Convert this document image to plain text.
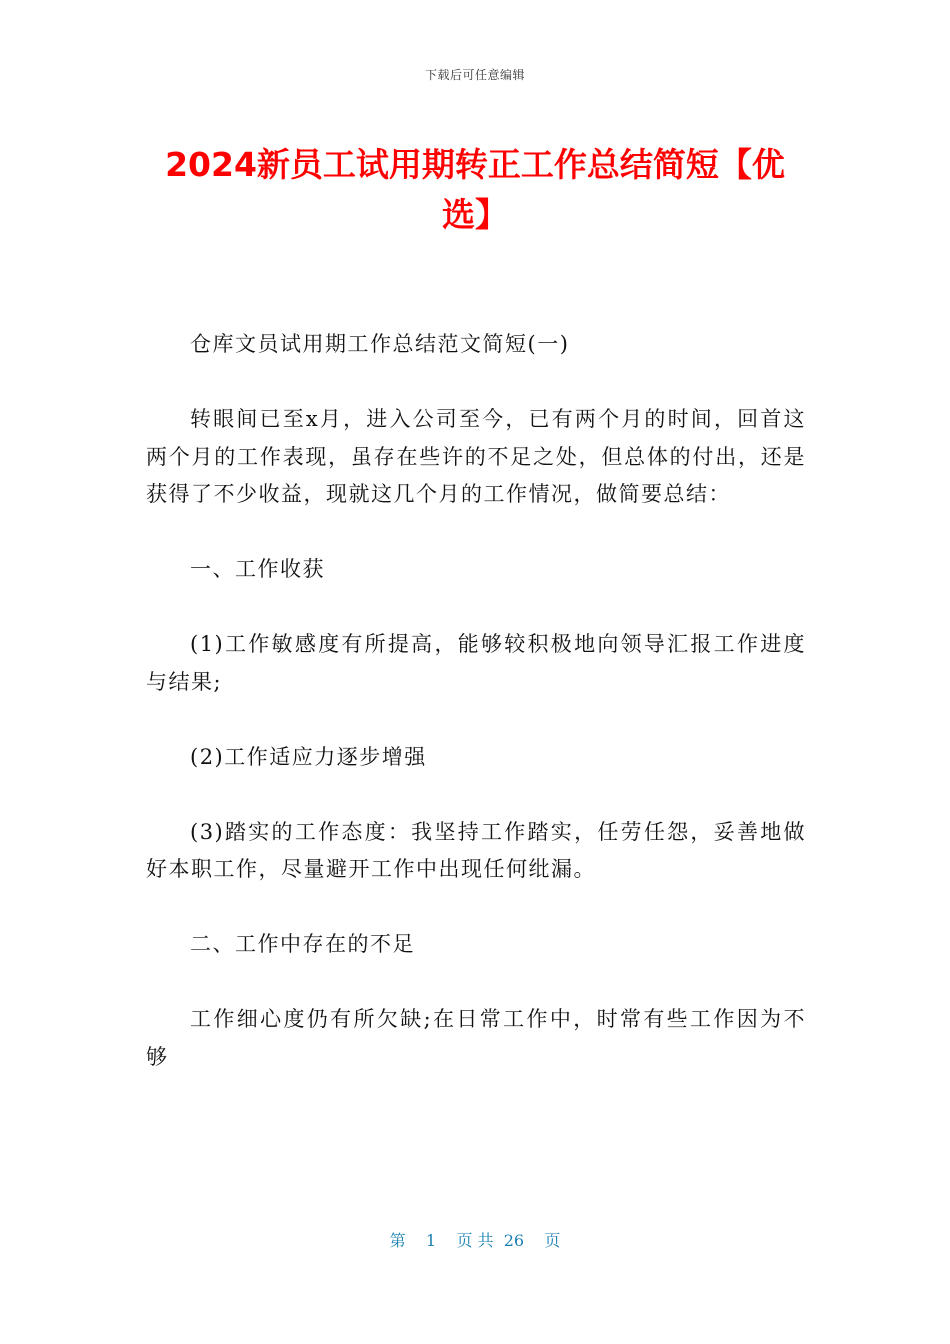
下载后可任意编辑
2024新员工试用期转正工作总结简短【优选】

仓库文员试用期工作总结范文简短(一)

转眼间已至x月，进入公司至今，已有两个月的时间，回首这两个月的工作表现，虽存在些许的不足之处，但总体的付出，还是获得了不少收益，现就这几个月的工作情况，做简要总结：

一、工作收获

(1)工作敏感度有所提高，能够较积极地向领导汇报工作进度与结果;

(2)工作适应力逐步增强

(3)踏实的工作态度：我坚持工作踏实，任劳任怨，妥善地做好本职工作，尽量避开工作中出现任何纰漏。

二、工作中存在的不足

工作细心度仍有所欠缺;在日常工作中，时常有些工作因为不够

第 1 页 共 26 页
